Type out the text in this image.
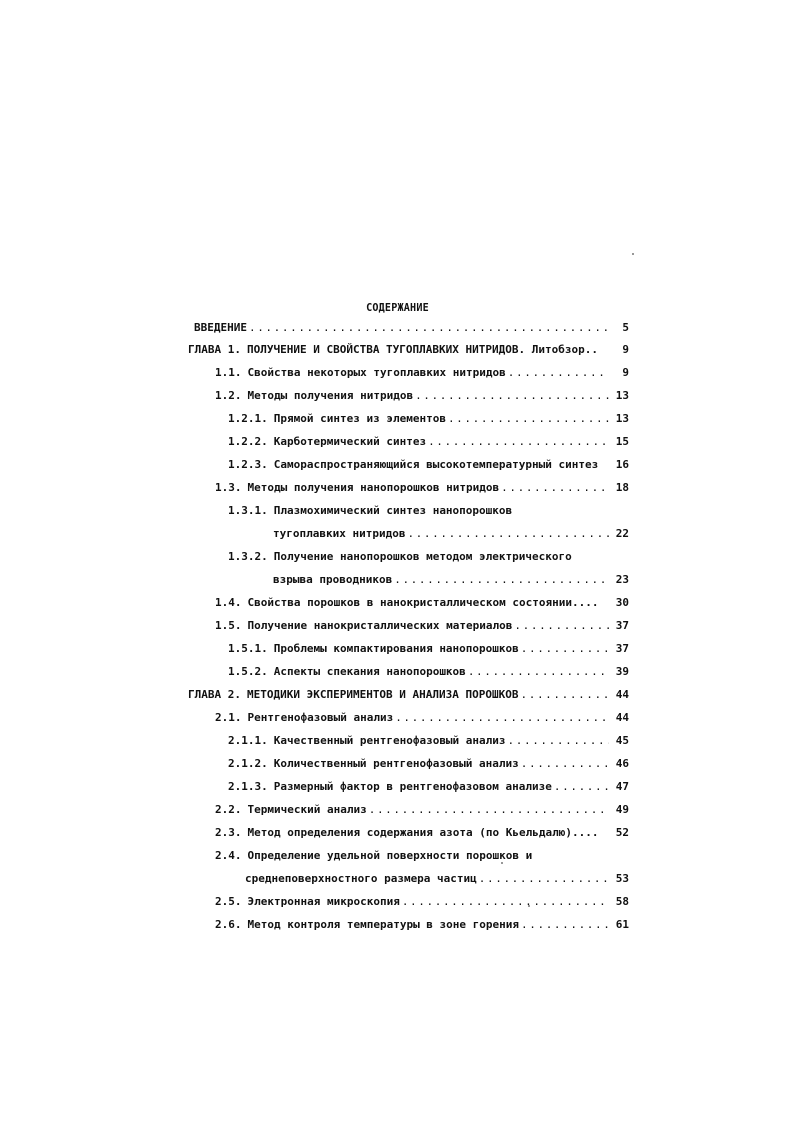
СОДЕРЖАНИЕ
ВВЕДЕНИЕ .....	5
ГЛАВА 1. ПОЛУЧЕНИЕ И СВОЙСТВА ТУГОПЛАВКИХ НИТРИДОВ. Литобзор..	9
1.1. Свойства некоторых тугоплавких нитридов .....	9
1.2. Методы получения нитридов .....	13
1.2.1. Прямой синтез из элементов .....	13
1.2.2. Карботермический синтез .....	15
1.2.3. Самораспространяющийся высокотемпературный синтез	16
1.3. Методы получения нанопорошков нитридов .....	18
1.3.1. Плазмохимический синтез нанопорошков
тугоплавких нитридов .....	22
1.3.2. Получение нанопорошков методом электрического
взрыва проводников .....	23
1.4. Свойства порошков в нанокристаллическом состоянии....	30
1.5. Получение нанокристаллических материалов .....	37
1.5.1. Проблемы компактирования нанопорошков .....	37
1.5.2. Аспекты спекания нанопорошков .....	39
ГЛАВА 2. МЕТОДИКИ ЭКСПЕРИМЕНТОВ И АНАЛИЗА ПОРОШКОВ .....	44
2.1. Рентгенофазовый анализ .....	44
2.1.1. Качественный рентгенофазовый анализ .....	45
2.1.2. Количественный рентгенофазовый анализ .....	46
2.1.3. Размерный фактор в рентгенофазовом анализе .....	47
2.2. Термический анализ .....	49
2.3. Метод определения содержания азота (по Кьельдалю)....	52
2.4. Определение удельной поверхности порошков и
среднеповерхностного размера частиц .....	53
2.5. Электронная микроскопия .....	58
2.6. Метод контроля температуры в зоне горения .....	61
